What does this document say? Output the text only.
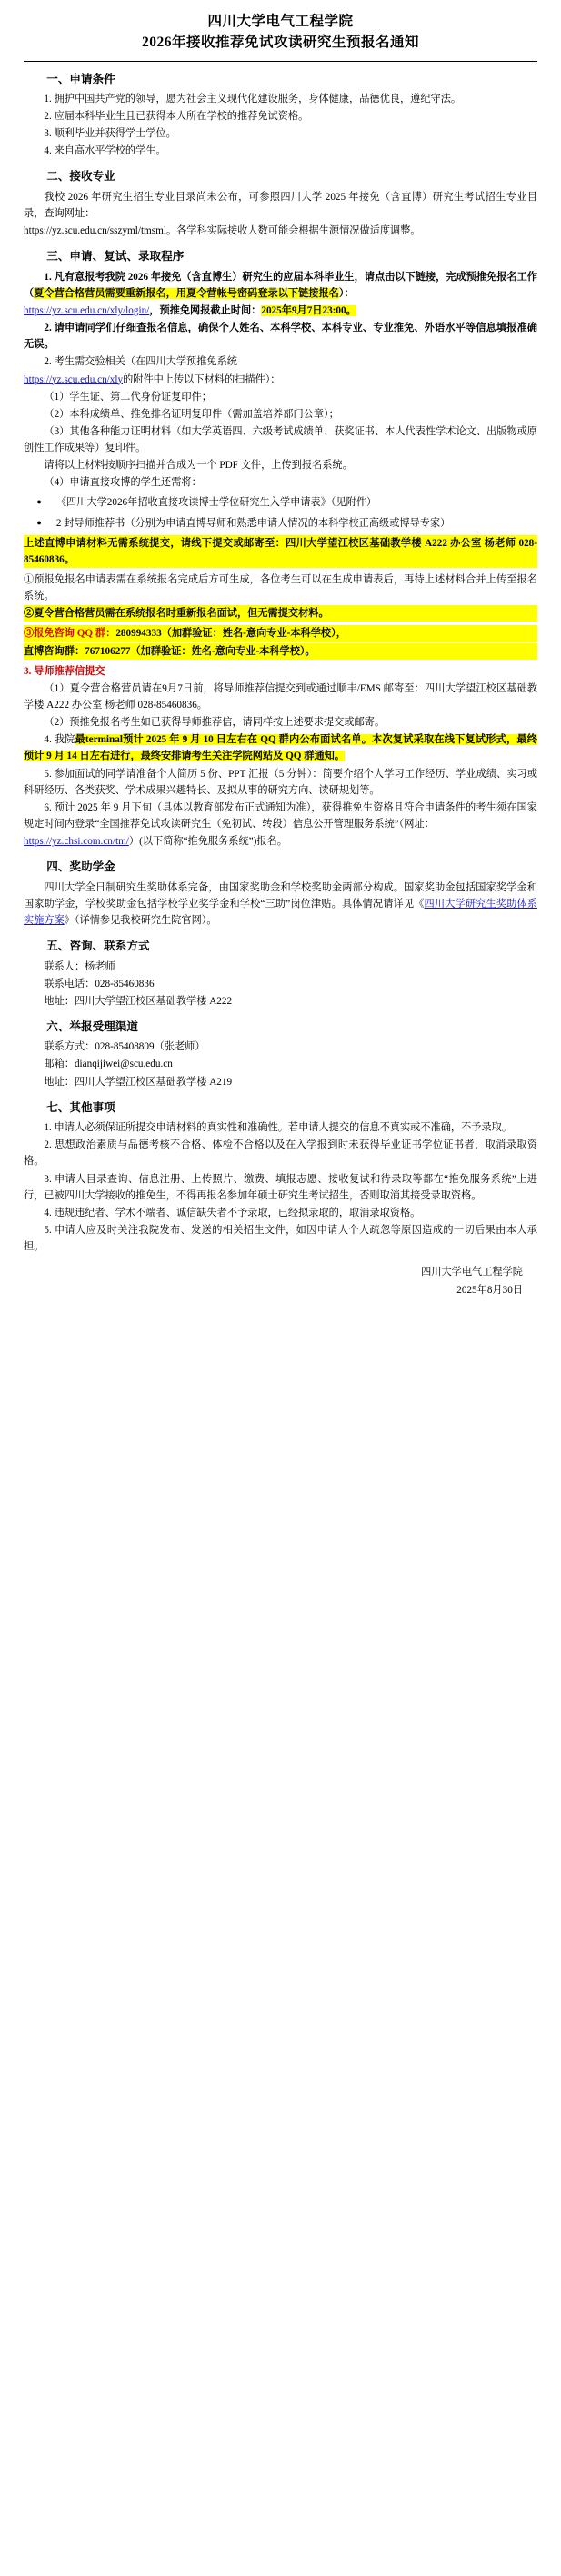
四川大学电气工程学院
2026年接收推荐免试攻读研究生预报名通知
一、申请条件

1. 拥护中国共产党的领导，愿为社会主义现代化建设服务，身体健康，品德优良，遵纪守法。

2. 应届本科毕业生且已获得本人所在学校的推荐免试资格。

3. 顺利毕业并获得学士学位。

4. 来自高水平学校的学生。

二、接收专业

我校 2026 年研究生招生专业目录尚未公布，可参照四川大学 2025 年接免（含直博）研究生考试招生专业目录，查询网址：

https://yz.scu.edu.cn/sszyml/tmsml。各学科实际接收人数可能会根据生源情况做适度调整。

三、申请、复试、录取程序

1. 凡有意报考我院 2026 年接免（含直博生）研究生的应届本科毕业生，请点击以下链接，完成预推免报名工作（夏令营合格营员需要重新报名，用夏令营帐号密码登录以下链接报名）：

https://yz.scu.edu.cn/xly/login/，预推免网报截止时间：2025年9月7日23:00。

2. 请申请同学们仔细查报名信息，确保个人姓名、本科学校、本科专业、专业推免、外语水平等信息填报准确无误。

2. 考生需交验相关（在四川大学预推免系统

https://yz.scu.edu.cn/xly的附件中上传以下材料的扫描件）：

（1）学生证、第二代身份证复印件；

（2）本科成绩单、推免排名证明复印件（需加盖培养部门公章）；

（3）其他各种能力证明材料（如大学英语四、六级考试成绩单、获奖证书、本人代表性学术论文、出版物或原创性工作成果等）复印件。

请将以上材料按顺序扫描并合成为一个 PDF 文件，上传到报名系统。

（4）申请直接攻博的学生还需将：

● 《四川大学2026年招收直接攻读博士学位研究生入学申请表》（见附件）

● 2 封导师推荐书（分别为申请直博导师和熟悉申请人情况的本科学校正高级或博导专家）

上述直博申请材料无需系统提交，请线下提交或邮寄至：四川大学望江校区基础教学楼 A222 办公室 杨老师 028-85460836。

①预报免报名申请表需在系统报名完成后方可生成，各位考生可以在生成申请表后，再待上述材料合并上传至报名系统。

②夏令营合格营员需在系统报名时重新报名面试，但无需提交材料。

③报免咨询 QQ 群：280994333（加群验证：姓名-意向专业-本科学校），

直博咨询群：767106277（加群验证：姓名-意向专业-本科学校）。

3. 导师推荐信提交

（1）夏令营合格营员请在9月7日前，将导师推荐信提交到或通过顺丰/EMS 邮寄至：四川大学望江校区基础教学楼 A222 办公室 杨老师 028-85460836。

（2）预推免报名考生如已获得导师推荐信，请同样按上述要求提交或邮寄。

4. 我院最terminal预计 2025 年 9 月 10 日左右在 QQ 群内公布面试名单。本次复试采取在线下复试形式，最终预计 9 月 14 日左右进行，最终安排请考生关注学院网站及 QQ 群通知。

5. 参加面试的同学请准备个人简历 5 份、PPT 汇报（5 分钟）：简要介绍个人学习工作经历、学业成绩、实习或科研经历、各类获奖、学术成果兴趣特长、及拟从事的研究方向、读研规划等。

6. 预计 2025 年 9 月下旬（具体以教育部发布正式通知为准），获得推免生资格且符合申请条件的考生须在国家规定时间内登录“全国推荐免试攻读研究生（免初试、转段）信息公开管理服务系统”（网址：

https://yz.chsi.com.cn/tm/）(以下简称“推免服务系统”)报名。

四、奖助学金

四川大学全日制研究生奖助体系完备，由国家奖助金和学校奖助金两部分构成。国家奖助金包括国家奖学金和国家助学金，学校奖助金包括学校学业奖学金和学校“三助”岗位津贴。具体情况请详见《四川大学研究生奖助体系实施方案》（详情参见我校研究生院官网）。

五、咨询、联系方式

联系人：杨老师

联系电话：028-85460836

地址：四川大学望江校区基础教学楼 A222

六、举报受理渠道

联系方式：028-85408809（张老师）

邮箱：dianqijiwei@scu.edu.cn

地址：四川大学望江校区基础教学楼 A219

七、其他事项

1. 申请人必须保证所提交申请材料的真实性和准确性。若申请人提交的信息不真实或不准确，不予录取。

2. 思想政治素质与品德考核不合格、体检不合格以及在入学报到时未获得毕业证书学位证书者，取消录取资格。

3. 申请人目录查询、信息注册、上传照片、缴费、填报志愿、接收复试和待录取等都在“推免服务系统”上进行，已被四川大学接收的推免生，不得再报名参加年硕士研究生考试招生，否则取消其接受录取资格。

4. 违规违纪者、学术不端者、诚信缺失者不予录取，已经拟录取的，取消录取资格。

5. 申请人应及时关注我院发布、发送的相关招生文件，如因申请人个人疏忽等原因造成的一切后果由本人承担。

四川大学电气工程学院
2025年8月30日
